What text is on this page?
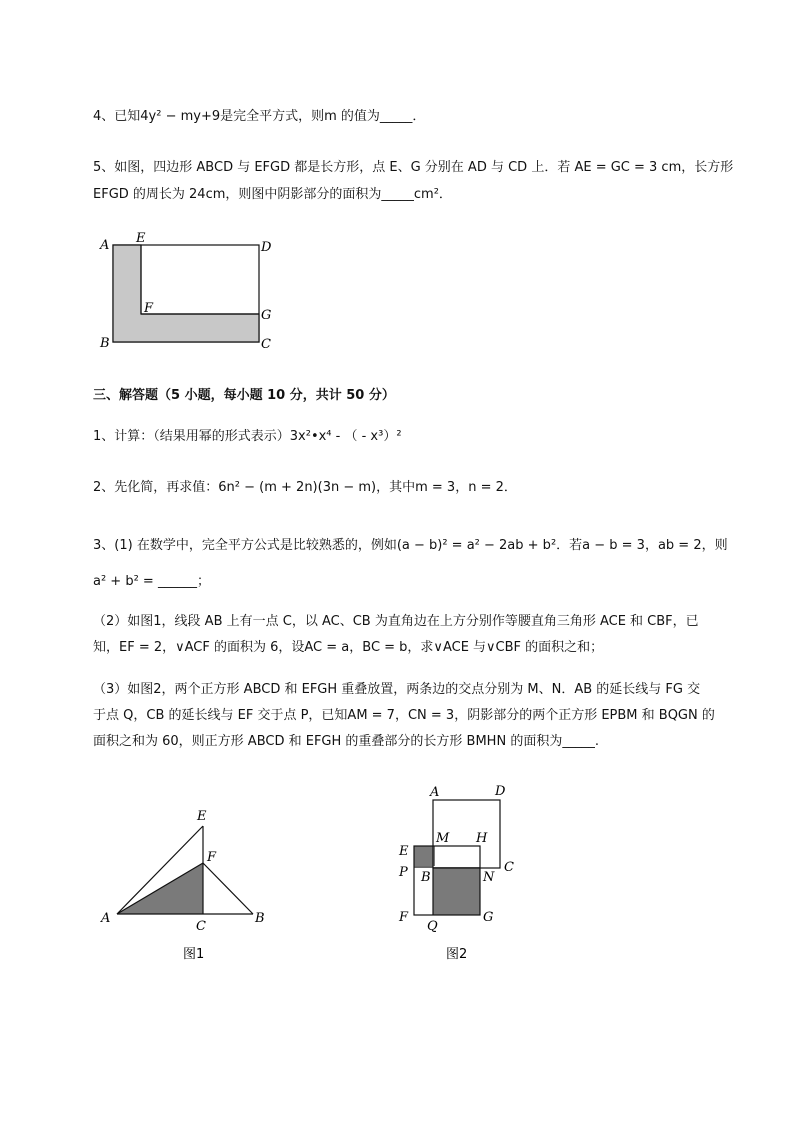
4、已知4y² − my+9是完全平方式，则m 的值为_____．
5、如图，四边形 ABCD 与 EFGD 都是长方形，点 E、G 分别在 AD 与 CD 上．若 AE = GC = 3 cm，长方形
EFGD 的周长为 24cm，则图中阴影部分的面积为_____cm²．
A E
D
F	G
B	C
三、解答题（5 小题，每小题 10 分，共计 50 分）
1、计算：（结果用幂的形式表示）3x²•x⁴ - （ - x³）²
2、先化简，再求值：6n² − (m + 2n)(3n − m)，其中m = 3，n = 2．
3、(1) 在数学中，完全平方公式是比较熟悉的，例如(a − b)² = a² − 2ab + b²．若a − b = 3，ab = 2，则
a² + b² = ______；
（2）如图1，线段 AB 上有一点 C，以 AC、CB 为直角边在上方分别作等腰直角三角形 ACE 和 CBF，已
知，EF = 2，∨ACF 的面积为 6，设AC = a，BC = b，求∨ACE 与∨CBF 的面积之和；
（3）如图2，两个正方形 ABCD 和 EFGH 重叠放置，两条边的交点分别为 M、N．AB 的延长线与 FG 交
于点 Q，CB 的延长线与 EF 交于点 P，已知AM = 7，CN = 3，阴影部分的两个正方形 EPBM 和 BQGN 的
面积之和为 60，则正方形 ABCD 和 EFGH 的重叠部分的长方形 BMHN 的面积为_____.
E
F
A
C
B
图1
A	D
M H
E
C
P B	N
F
Q
G
图2
